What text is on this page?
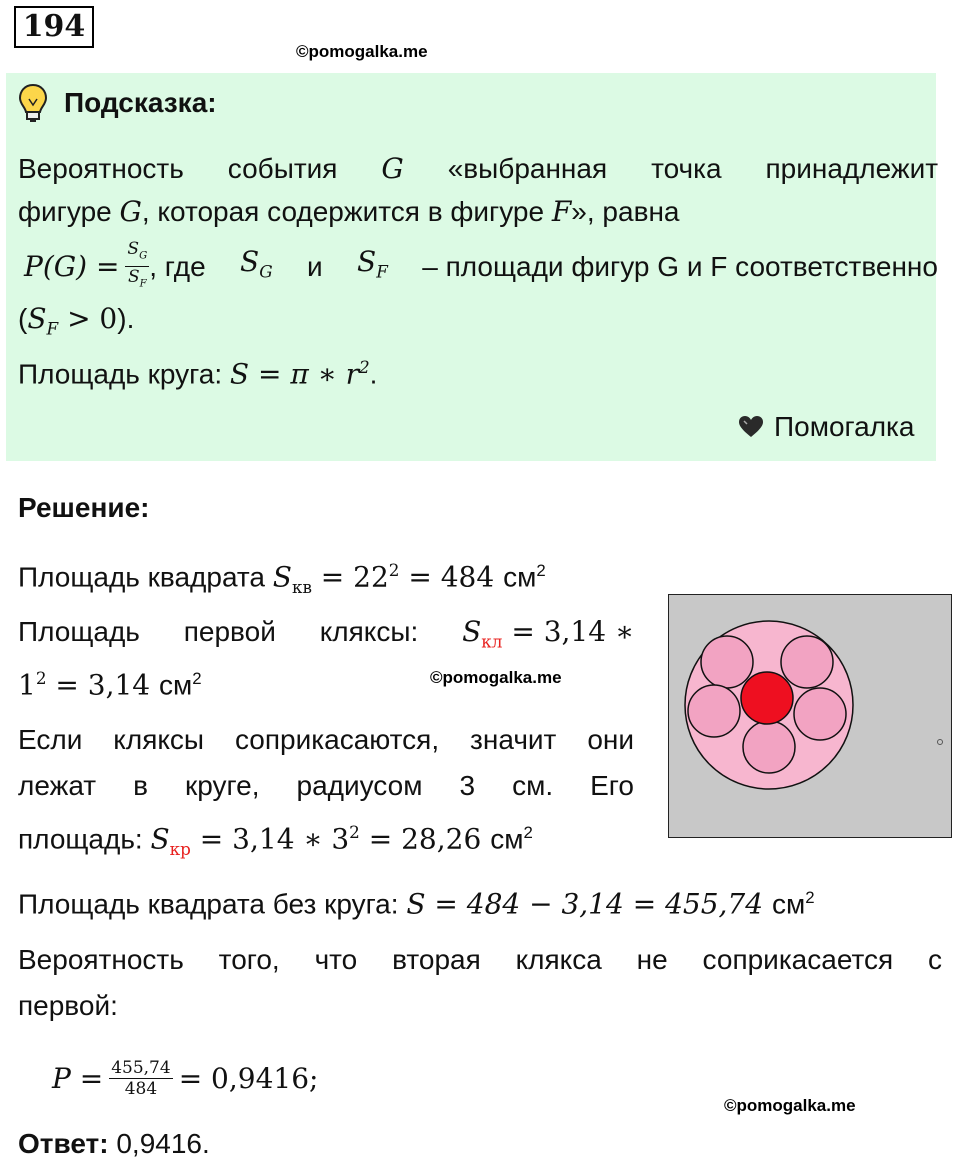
194
©pomogalka.me
Подсказка:
Вероятность события G «выбранная точка принадлежит
фигуре G, которая содержится в фигуре F», равна
$P(G) = \frac{S_G}{S_F}$ , где $S_G$ и $S_F$ – площади фигур G и F соответственно
$(S_F > 0)$.
Площадь круга: S = π ∗ $r^2$.
Помогалка
Решение:
Площадь квадрата $S_{кв} = 22^2 = 484$ $см^2$
Площадь первой кляксы: $S_{кл} = 3,14$ ∗
$1^2 = 3,14$ $см^2$	©pomogalka.me
Если кляксы соприкасаются, значит они
лежат в круге, радиусом 3 см. Его
площадь: $S_{кр} = 3,14$ ∗ $3^2 = 28,26$ $см^2$
Площадь квадрата без круга: S = 484 − 3,14 = 455,74 $см^2$
Вероятность того, что вторая клякса не соприкасается с
первой:
$P = \frac{455,74}{484} = 0,9416$;
©pomogalka.me
Ответ: 0,9416.
